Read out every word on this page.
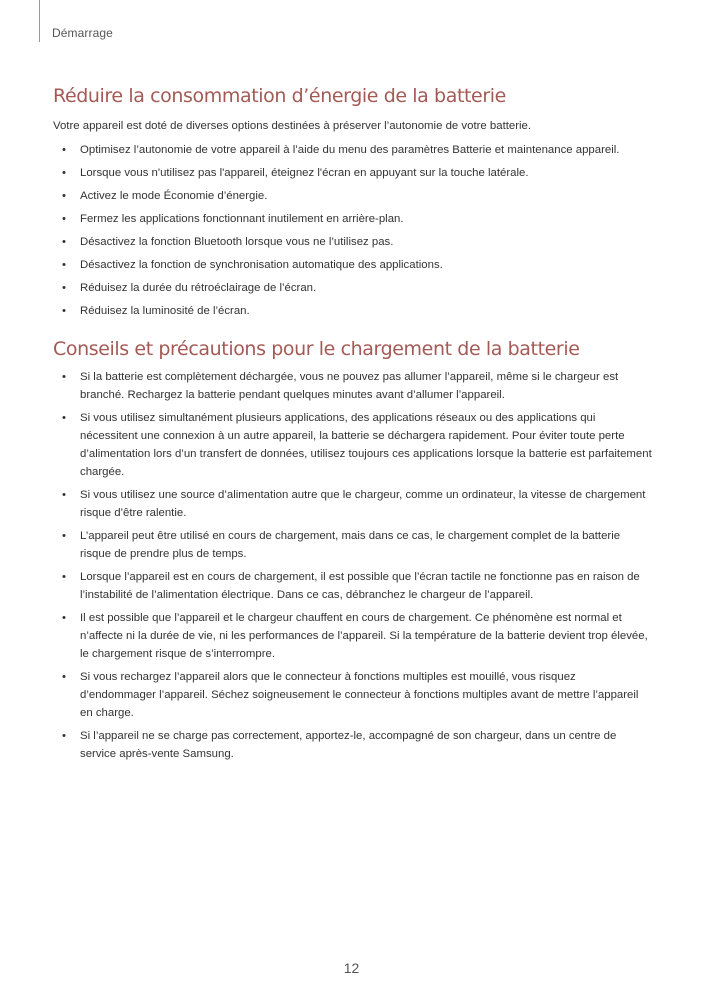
Démarrage
Réduire la consommation d’énergie de la batterie

Votre appareil est doté de diverses options destinées à préserver l’autonomie de votre batterie.

• Optimisez l’autonomie de votre appareil à l’aide du menu des paramètres Batterie et maintenance appareil.
• Lorsque vous n'utilisez pas l'appareil, éteignez l'écran en appuyant sur la touche latérale.
• Activez le mode Économie d’énergie.
• Fermez les applications fonctionnant inutilement en arrière-plan.
• Désactivez la fonction Bluetooth lorsque vous ne l’utilisez pas.
• Désactivez la fonction de synchronisation automatique des applications.
• Réduisez la durée du rétroéclairage de l’écran.
• Réduisez la luminosité de l’écran.
Conseils et précautions pour le chargement de la batterie
• Si la batterie est complètement déchargée, vous ne pouvez pas allumer l’appareil, même si le chargeur est branché. Rechargez la batterie pendant quelques minutes avant d’allumer l’appareil.
• Si vous utilisez simultanément plusieurs applications, des applications réseaux ou des applications qui nécessitent une connexion à un autre appareil, la batterie se déchargera rapidement. Pour éviter toute perte d’alimentation lors d’un transfert de données, utilisez toujours ces applications lorsque la batterie est parfaitement chargée.
• Si vous utilisez une source d’alimentation autre que le chargeur, comme un ordinateur, la vitesse de chargement risque d’être ralentie.
• L’appareil peut être utilisé en cours de chargement, mais dans ce cas, le chargement complet de la batterie risque de prendre plus de temps.
• Lorsque l’appareil est en cours de chargement, il est possible que l’écran tactile ne fonctionne pas en raison de l’instabilité de l’alimentation électrique. Dans ce cas, débranchez le chargeur de l’appareil.
• Il est possible que l’appareil et le chargeur chauffent en cours de chargement. Ce phénomène est normal et n’affecte ni la durée de vie, ni les performances de l’appareil. Si la température de la batterie devient trop élevée, le chargement risque de s’interrompre.
• Si vous rechargez l’appareil alors que le connecteur à fonctions multiples est mouillé, vous risquez d’endommager l’appareil. Séchez soigneusement le connecteur à fonctions multiples avant de mettre l’appareil en charge.
• Si l’appareil ne se charge pas correctement, apportez-le, accompagné de son chargeur, dans un centre de service après-vente Samsung.
12
